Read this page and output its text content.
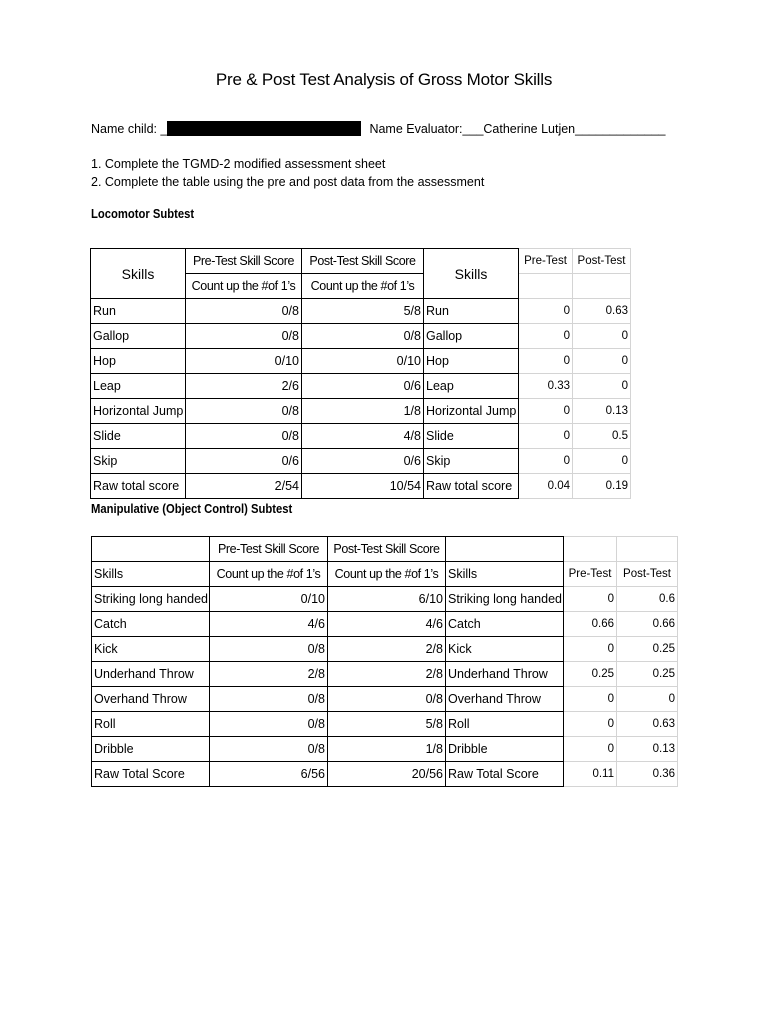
Pre & Post Test Analysis of Gross Motor Skills
Name child: _	Name Evaluator: ___Catherine Lutjen_____________
1. Complete the TGMD-2 modified assessment sheet
2. Complete the table using the pre and post data from the assessment
Locomotor Subtest
Skills	Pre-Test Skill Score	Post-Test Skill Score	Skills	Pre-Test	Post-Test
	Count up the #of 1’s	Count up the #of 1’s			
Run	0/8	5/8	Run	0	0.63
Gallop	0/8	0/8	Gallop	0	0
Hop	0/10	0/10	Hop	0	0
Leap	2/6	0/6	Leap	0.33	0
Horizontal Jump	0/8	1/8	Horizontal Jump	0	0.13
Slide	0/8	4/8	Slide	0	0.5
Skip	0/6	0/6	Skip	0	0
Raw total score	2/54	10/54	Raw total score	0.04	0.19
Manipulative (Object Control) Subtest
	Pre-Test Skill Score	Post-Test Skill Score			
Skills	Count up the #of 1’s	Count up the #of 1’s	Skills	Pre-Test	Post-Test
Striking long handed	0/10	6/10	Striking long handed	0	0.6
Catch	4/6	4/6	Catch	0.66	0.66
Kick	0/8	2/8	Kick	0	0.25
Underhand Throw	2/8	2/8	Underhand Throw	0.25	0.25
Overhand Throw	0/8	0/8	Overhand Throw	0	0
Roll	0/8	5/8	Roll	0	0.63
Dribble	0/8	1/8	Dribble	0	0.13
Raw Total Score	6/56	20/56	Raw Total Score	0.11	0.36
